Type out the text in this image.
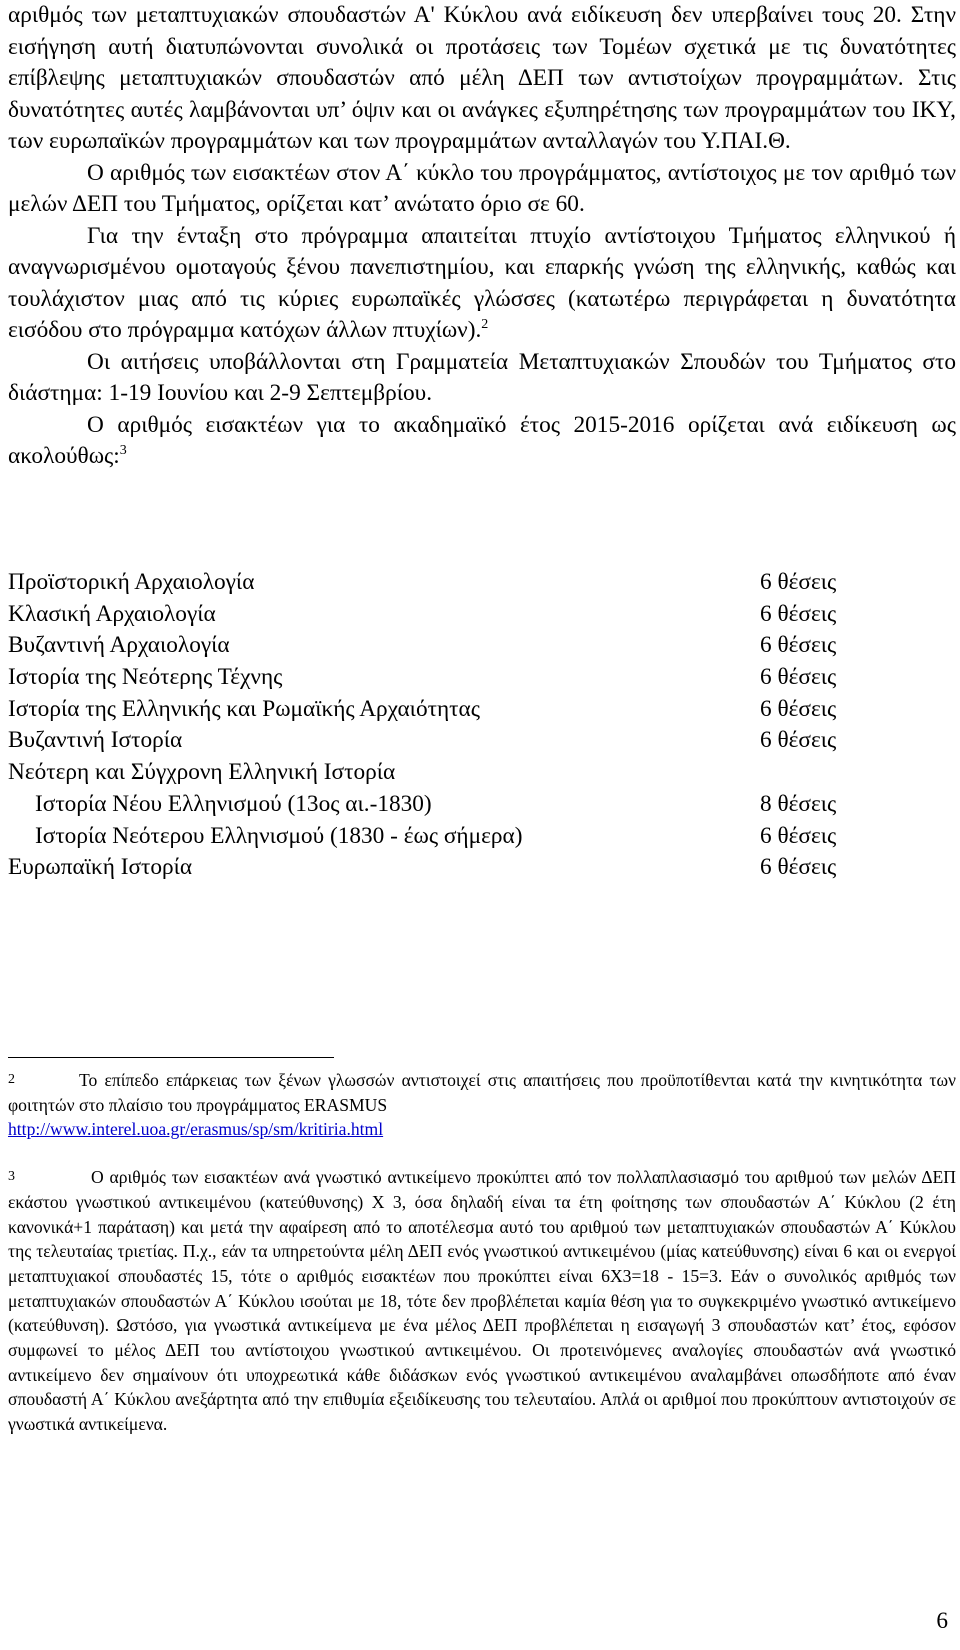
αριθμός των μεταπτυχιακών σπουδαστών Α' Κύκλου ανά ειδίκευση δεν υπερβαίνει τους 20. Στην εισήγηση αυτή διατυπώνονται συνολικά οι προτάσεις των Τομέων σχετικά με τις δυνατότητες επίβλεψης μεταπτυχιακών σπουδαστών από μέλη ΔΕΠ των αντιστοίχων προγραμμάτων. Στις δυνατότητες αυτές λαμβάνονται υπ’ όψιν και οι ανάγκες εξυπηρέτησης των προγραμμάτων του ΙΚΥ, των ευρωπαϊκών προγραμμάτων και των προγραμμάτων ανταλλαγών του Υ.ΠΑΙ.Θ.

Ο αριθμός των εισακτέων στον Α΄ κύκλο του προγράμματος, αντίστοιχος με τον αριθμό των μελών ΔΕΠ του Τμήματος, ορίζεται κατ’ ανώτατο όριο σε 60.

Για την ένταξη στο πρόγραμμα απαιτείται πτυχίο αντίστοιχου Τμήματος ελληνικού ή αναγνωρισμένου ομοταγούς ξένου πανεπιστημίου, και επαρκής γνώση της ελληνικής, καθώς και τουλάχιστον μιας από τις κύριες ευρωπαϊκές γλώσσες (κατωτέρω περιγράφεται η δυνατότητα εισόδου στο πρόγραμμα κατόχων άλλων πτυχίων).$^2$

Οι αιτήσεις υποβάλλονται στη Γραμματεία Μεταπτυχιακών Σπουδών του Τμήματος στο διάστημα: 1-19 Ιουνίου και 2-9 Σεπτεμβρίου.

Ο αριθμός εισακτέων για το ακαδημαϊκό έτος 2015-2016 ορίζεται ανά ειδίκευση ως ακολούθως:$^3$

Προϊστορική Αρχαιολογία	6 θέσεις
Κλασική Αρχαιολογία	6 θέσεις
Βυζαντινή Αρχαιολογία	6 θέσεις
Ιστορία της Νεότερης Τέχνης	6 θέσεις
Ιστορία της Ελληνικής και Ρωμαϊκής Αρχαιότητας	6 θέσεις
Βυζαντινή Ιστορία	6 θέσεις
Νεότερη και Σύγχρονη Ελληνική Ιστορία
Ιστορία Νέου Ελληνισμού (13ος αι.-1830)	8 θέσεις
Ιστορία Νεότερου Ελληνισμού (1830 - έως σήμερα)	6 θέσεις
Ευρωπαϊκή Ιστορία	6 θέσεις

2	Το επίπεδο επάρκειας των ξένων γλωσσών αντιστοιχεί στις απαιτήσεις που προϋποτίθενται κατά την κινητικότητα των φοιτητών στο πλαίσιο του προγράμματος ERASMUS
http://www.interel.uoa.gr/erasmus/sp/sm/kritiria.html

3	Ο αριθμός των εισακτέων ανά γνωστικό αντικείμενο προκύπτει από τον πολλαπλασιασμό του αριθμού των μελών ΔΕΠ εκάστου γνωστικού αντικειμένου (κατεύθυνσης) Χ 3, όσα δηλαδή είναι τα έτη φοίτησης των σπουδαστών Α΄ Κύκλου (2 έτη κανονικά+1 παράταση) και μετά την αφαίρεση από το αποτέλεσμα αυτό του αριθμού των μεταπτυχιακών σπουδαστών Α΄ Κύκλου της τελευταίας τριετίας. Π.χ., εάν τα υπηρετούντα μέλη ΔΕΠ ενός γνωστικού αντικειμένου (μίας κατεύθυνσης) είναι 6 και οι ενεργοί μεταπτυχιακοί σπουδαστές 15, τότε ο αριθμός εισακτέων που προκύπτει είναι 6Χ3=18 - 15=3. Εάν ο συνολικός αριθμός των μεταπτυχιακών σπουδαστών Α΄ Κύκλου ισούται με 18, τότε δεν προβλέπεται καμία θέση για το συγκεκριμένο γνωστικό αντικείμενο (κατεύθυνση). Ωστόσο, για γνωστικά αντικείμενα με ένα μέλος ΔΕΠ προβλέπεται η εισαγωγή 3 σπουδαστών κατ’ έτος, εφόσον συμφωνεί το μέλος ΔΕΠ του αντίστοιχου γνωστικού αντικειμένου. Οι προτεινόμενες αναλογίες σπουδαστών ανά γνωστικό αντικείμενο δεν σημαίνουν ότι υποχρεωτικά κάθε διδάσκων ενός γνωστικού αντικειμένου αναλαμβάνει οπωσδήποτε από έναν σπουδαστή Α΄ Κύκλου ανεξάρτητα από την επιθυμία εξειδίκευσης του τελευταίου. Απλά οι αριθμοί που προκύπτουν αντιστοιχούν σε γνωστικά αντικείμενα.

6
